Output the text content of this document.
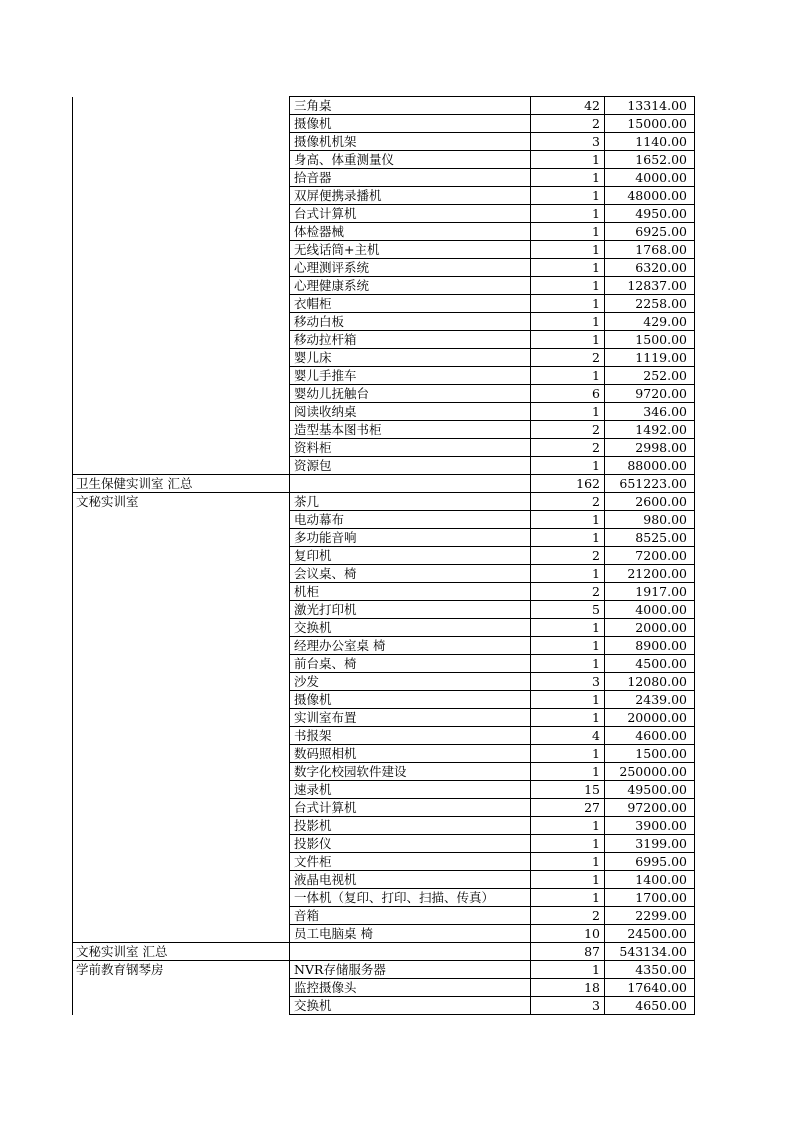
	三角桌	42	13314.00
	摄像机	2	15000.00
	摄像机机架	3	1140.00
	身高、体重测量仪	1	1652.00
	拾音器	1	4000.00
	双屏便携录播机	1	48000.00
	台式计算机	1	4950.00
	体检器械	1	6925.00
	无线话筒+主机	1	1768.00
	心理测评系统	1	6320.00
	心理健康系统	1	12837.00
	衣帽柜	1	2258.00
	移动白板	1	429.00
	移动拉杆箱	1	1500.00
	婴儿床	2	1119.00
	婴儿手推车	1	252.00
	婴幼儿抚触台	6	9720.00
	阅读收纳桌	1	346.00
	造型基本图书柜	2	1492.00
	资料柜	2	2998.00
	资源包	1	88000.00
卫生保健实训室 汇总		162	651223.00
文秘实训室	茶几	2	2600.00
	电动幕布	1	980.00
	多功能音响	1	8525.00
	复印机	2	7200.00
	会议桌、椅	1	21200.00
	机柜	2	1917.00
	激光打印机	5	4000.00
	交换机	1	2000.00
	经理办公室桌 椅	1	8900.00
	前台桌、椅	1	4500.00
	沙发	3	12080.00
	摄像机	1	2439.00
	实训室布置	1	20000.00
	书报架	4	4600.00
	数码照相机	1	1500.00
	数字化校园软件建设	1	250000.00
	速录机	15	49500.00
	台式计算机	27	97200.00
	投影机	1	3900.00
	投影仪	1	3199.00
	文件柜	1	6995.00
	液晶电视机	1	1400.00
	一体机（复印、打印、扫描、传真）	1	1700.00
	音箱	2	2299.00
	员工电脑桌 椅	10	24500.00
文秘实训室 汇总		87	543134.00
学前教育钢琴房	NVR存储服务器	1	4350.00
	监控摄像头	18	17640.00
	交换机	3	4650.00
